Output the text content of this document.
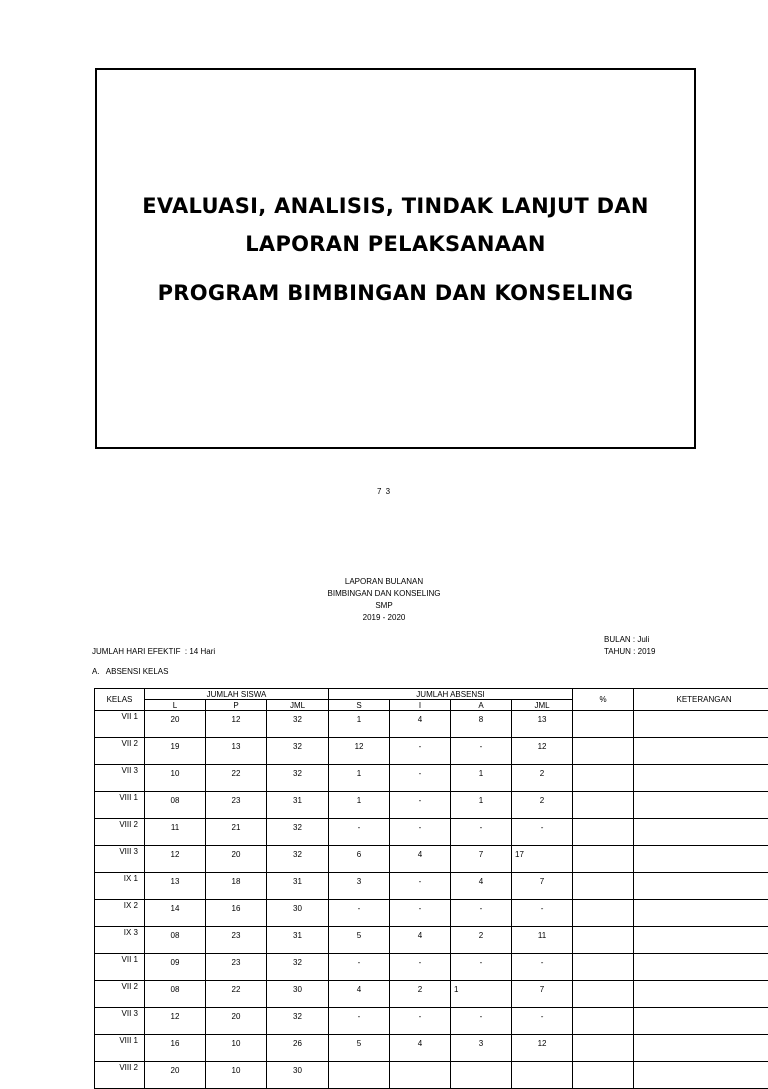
EVALUASI, ANALISIS, TINDAK LANJUT DAN
LAPORAN PELAKSANAAN
PROGRAM BIMBINGAN DAN KONSELING
7 3
LAPORAN BULANAN
BIMBINGAN DAN KONSELING
SMP
2019 - 2020
BULAN : Juli
TAHUN : 2019
JUMLAH HARI EFEKTIF  : 14 Hari
A.   ABSENSI KELAS
KELAS	JUMLAH SISWA			JUMLAH ABSENSI				%	KETERANGAN
	L	P	JML	S	I	A	JML		
VII 1	20	12	32	1	4	8	13		
VII 2	19	13	32	12	-	-	12		
VII 3	10	22	32	1	-	1	2		
VIII 1	08	23	31	1	-	1	2		
VIII 2	11	21	32	-	-	-	-		
VIII 3	12	20	32	6	4	7	17		
IX 1	13	18	31	3	-	4	7		
IX 2	14	16	30	-	-	-	-		
IX 3	08	23	31	5	4	2	11		
VII 1	09	23	32	-	-	-	-		
VII 2	08	22	30	4	2	1	7		
VII 3	12	20	32	-	-	-	-		
VIII 1	16	10	26	5	4	3	12		
VIII 2	20	10	30						
